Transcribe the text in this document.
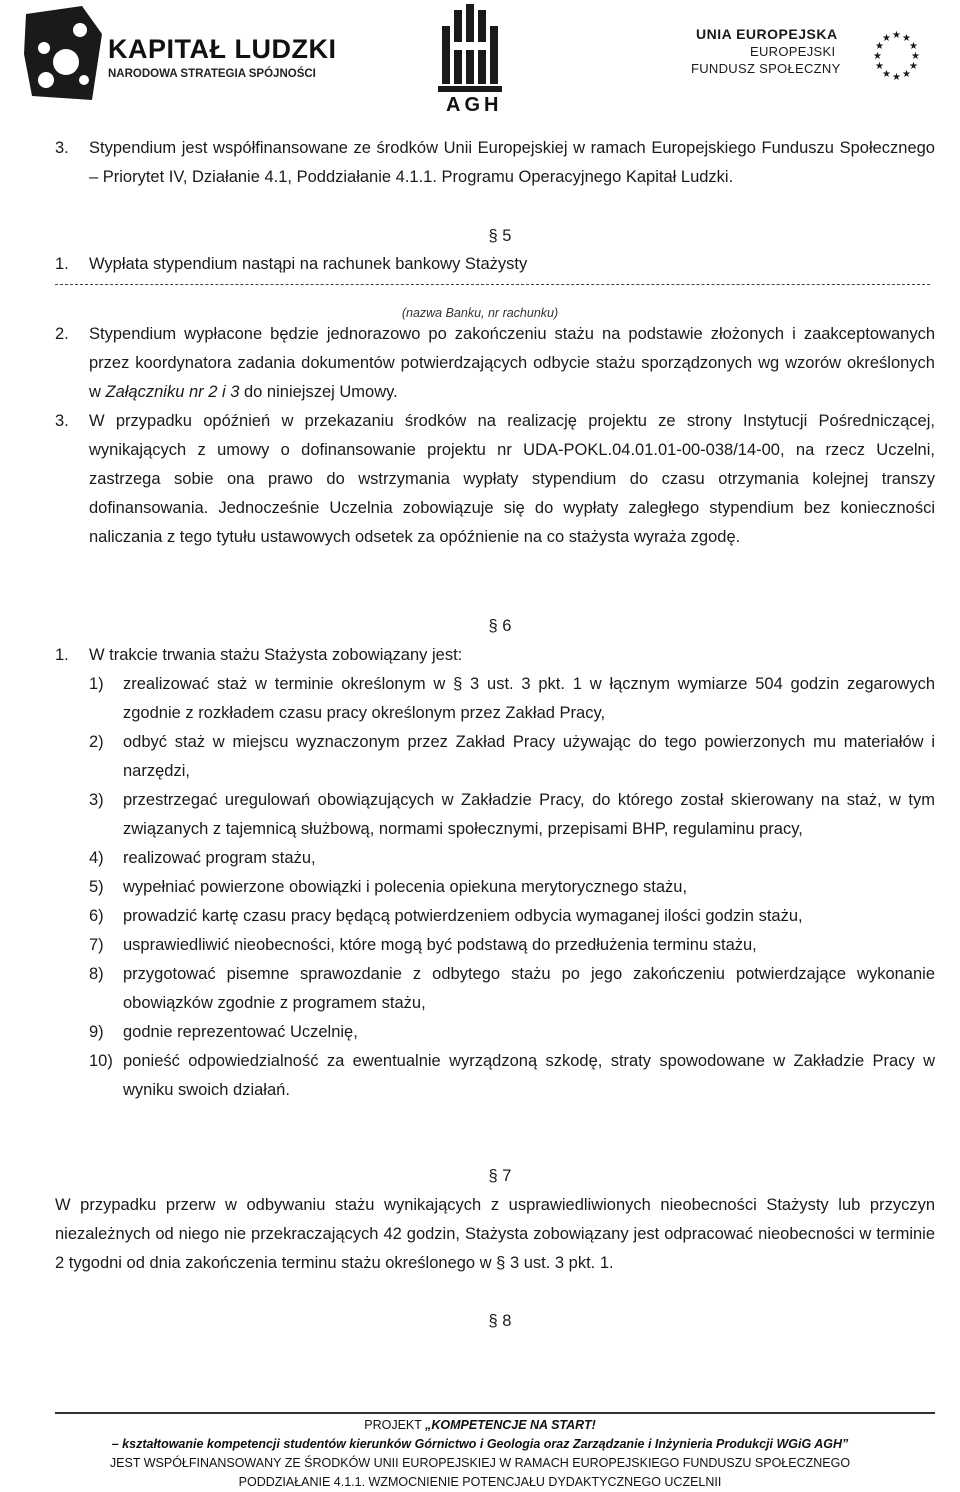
KAPITAŁ LUDZKI
NARODOWA STRATEGIA SPÓJNOŚCI
AGH
UNIA EUROPEJSKA
EUROPEJSKI
FUNDUSZ SPOŁECZNY
★ ★
★
★
★
★
★
★
★
★
★
★
3. Stypendium jest współfinansowane ze środków Unii Europejskiej w ramach Europejskiego Funduszu Społecznego – Priorytet IV, Działanie 4.1, Poddziałanie 4.1.1. Programu Operacyjnego Kapitał Ludzki.
§ 5
1. Wypłata stypendium nastąpi na rachunek bankowy Stażysty
(nazwa Banku, nr rachunku)
2. Stypendium wypłacone będzie jednorazowo po zakończeniu stażu na podstawie złożonych i zaakceptowanych przez koordynatora zadania dokumentów potwierdzających odbycie stażu sporządzonych wg wzorów określonych w Załączniku nr 2 i 3 do niniejszej Umowy.
3. W przypadku opóźnień w przekazaniu środków na realizację projektu ze strony Instytucji Pośredniczącej, wynikających z umowy o dofinansowanie projektu nr UDA-POKL.04.01.01-00-038/14-00, na rzecz Uczelni, zastrzega sobie ona prawo do wstrzymania wypłaty stypendium do czasu otrzymania kolejnej transzy dofinansowania. Jednocześnie Uczelnia zobowiązuje się do wypłaty zaległego stypendium bez konieczności naliczania z tego tytułu ustawowych odsetek za opóźnienie na co stażysta wyraża zgodę.
§ 6
1. W trakcie trwania stażu Stażysta zobowiązany jest:
1) zrealizować staż w terminie określonym w § 3 ust. 3 pkt. 1 w łącznym wymiarze 504 godzin zegarowych zgodnie z rozkładem czasu pracy określonym przez Zakład Pracy,
2) odbyć staż w miejscu wyznaczonym przez Zakład Pracy używając do tego powierzonych mu materiałów i narzędzi,
3) przestrzegać uregulowań obowiązujących w Zakładzie Pracy, do którego został skierowany na staż, w tym związanych z tajemnicą służbową, normami społecznymi, przepisami BHP, regulaminu pracy,
4) realizować program stażu,
5) wypełniać powierzone obowiązki i polecenia opiekuna merytorycznego stażu,
6) prowadzić kartę czasu pracy będącą potwierdzeniem odbycia wymaganej ilości godzin stażu,
7) usprawiedliwić nieobecności, które mogą być podstawą do przedłużenia terminu stażu,
8) przygotować pisemne sprawozdanie z odbytego stażu po jego zakończeniu potwierdzające wykonanie obowiązków zgodnie z programem stażu,
9) godnie reprezentować Uczelnię,
10) ponieść odpowiedzialność za ewentualnie wyrządzoną szkodę, straty spowodowane w Zakładzie Pracy w wyniku swoich działań.
§ 7
W przypadku przerw w odbywaniu stażu wynikających z usprawiedliwionych nieobecności Stażysty lub przyczyn niezależnych od niego nie przekraczających 42 godzin, Stażysta zobowiązany jest odpracować nieobecności w terminie 2 tygodni od dnia zakończenia terminu stażu określonego w § 3 ust. 3 pkt. 1.
§ 8
PROJEKT „KOMPETENCJE NA START!
– kształtowanie kompetencji studentów kierunków Górnictwo i Geologia oraz Zarządzanie i Inżynieria Produkcji WGiG AGH”
JEST WSPÓŁFINANSOWANY ZE ŚRODKÓW UNII EUROPEJSKIEJ W RAMACH EUROPEJSKIEGO FUNDUSZU SPOŁECZNEGO
PODDZIAŁANIE 4.1.1. WZMOCNIENIE POTENCJAŁU DYDAKTYCZNEGO UCZELNII
